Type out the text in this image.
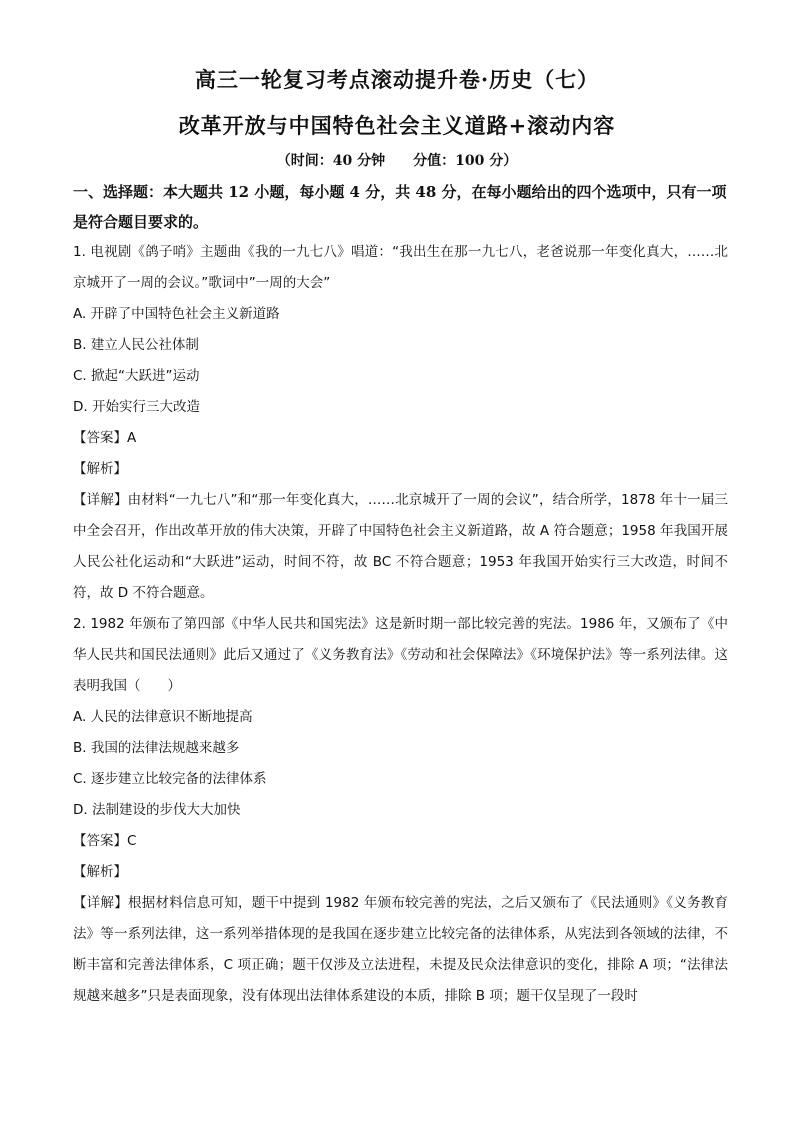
高三一轮复习考点滚动提升卷·历史（七）
改革开放与中国特色社会主义道路+滚动内容
（时间：40 分钟 分值：100 分）
一、选择题：本大题共 12 小题，每小题 4 分，共 48 分，在每小题给出的四个选项中，只有一项是符合题目要求的。
1. 电视剧《鸽子哨》主题曲《我的一九七八》唱道：“我出生在那一九七八，老爸说那一年变化真大，……北京城开了一周的会议。”歌词中”一周的大会”
A. 开辟了中国特色社会主义新道路
B. 建立人民公社体制
C. 掀起“大跃进”运动
D. 开始实行三大改造
【答案】A
【解析】
【详解】由材料“一九七八”和“那一年变化真大，……北京城开了一周的会议”，结合所学，1878 年十一届三中全会召开，作出改革开放的伟大决策，开辟了中国特色社会主义新道路，故 A 符合题意；1958 年我国开展人民公社化运动和“大跃进”运动，时间不符，故 BC 不符合题意；1953 年我国开始实行三大改造，时间不符，故 D 不符合题意。
2. 1982 年颁布了第四部《中华人民共和国宪法》这是新时期一部比较完善的宪法。1986 年，又颁布了《中华人民共和国民法通则》此后又通过了《义务教育法》《劳动和社会保障法》《环境保护法》等一系列法律。这表明我国（　　）
A. 人民的法律意识不断地提高
B. 我国的法律法规越来越多
C. 逐步建立比较完备的法律体系
D. 法制建设的步伐大大加快
【答案】C
【解析】
【详解】根据材料信息可知，题干中提到 1982 年颁布较完善的宪法，之后又颁布了《民法通则》《义务教育法》等一系列法律，这一系列举措体现的是我国在逐步建立比较完备的法律体系，从宪法到各领域的法律，不断丰富和完善法律体系，C 项正确；题干仅涉及立法进程，未提及民众法律意识的变化，排除 A 项；“法律法规越来越多”只是表面现象，没有体现出法律体系建设的本质，排除 B 项；题干仅呈现了一段时
